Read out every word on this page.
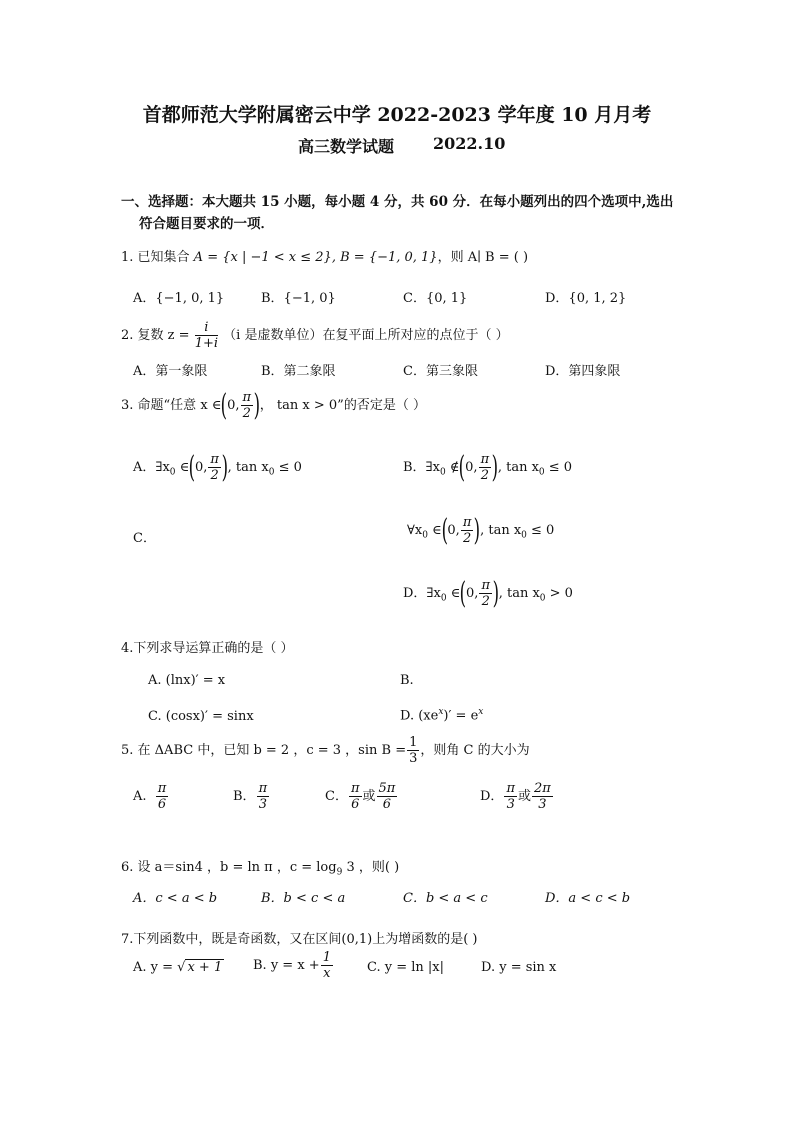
首都师范大学附属密云中学 2022-2023 学年度 10 月月考
高三数学试题 2022.10
一、选择题：本大题共 15 小题，每小题 4 分，共 60 分．在每小题列出的四个选项中,选出
符合题目要求的一项．
1. 已知集合 A = {x | −1 < x ≤ 2}, B = {−1, 0, 1}，则 A∣ B = ( )
A．{−1, 0, 1}	B．{−1, 0}	C．{0, 1}	D．{0, 1, 2}
2. 复数 $z = \frac{i}{1+i} (i$ 是虚数单位）在复平面上所对应的点位于（ ）
A．第一象限	B．第二象限	C．第三象限	D．第四象限
3. 命题“任意 x ∈(0, $\frac{\pi}{2}$ )， tan x > 0”的否定是（ ）
A．$\exists x_0$ ∈(0, $\frac{\pi}{2}$ ), $\tan x_0 \le 0$	B．$\exists x_0$ ∉(0, $\frac{\pi}{2}$ ), $\tan x_0 \le 0$
C．
$\forall x_0$ ∈(0, $\frac{\pi}{2}$ ), $\tan x_0 \le 0$
D．$\exists x_0$ ∈(0, $\frac{\pi}{2}$ ), $\tan x_0 > 0$
4.下列求导运算正确的是（ ）
A. (lnx)′ = x	B.
C. (cosx)′ = sinx	D. $(xe^x)' = e^x$
5. 在 ΔABC 中，已知 b = 2 ，c = 3 ，$\sin B = \frac{1}{3}$ ，则角 C 的大小为
A. $\frac{\pi}{6}$	B． $\frac{\pi}{3}$	C． $\frac{\pi}{6}$ 或 $\frac{5\pi}{6}$	D． $\frac{\pi}{3}$ 或 $\frac{2\pi}{3}$
6. 设 a＝sin4 ，b = ln π ，$c = \log_9 3$ ，则( )
A．c < a < b	B．b < c < a	C．b < a < c	D．a < c < b
7.下列函数中，既是奇函数，又在区间(0,1)上为增函数的是( )
A. y = √ x + 1 B. $y = x + \frac{1}{x}$	C. y = ln |x|	D. y = sin x
